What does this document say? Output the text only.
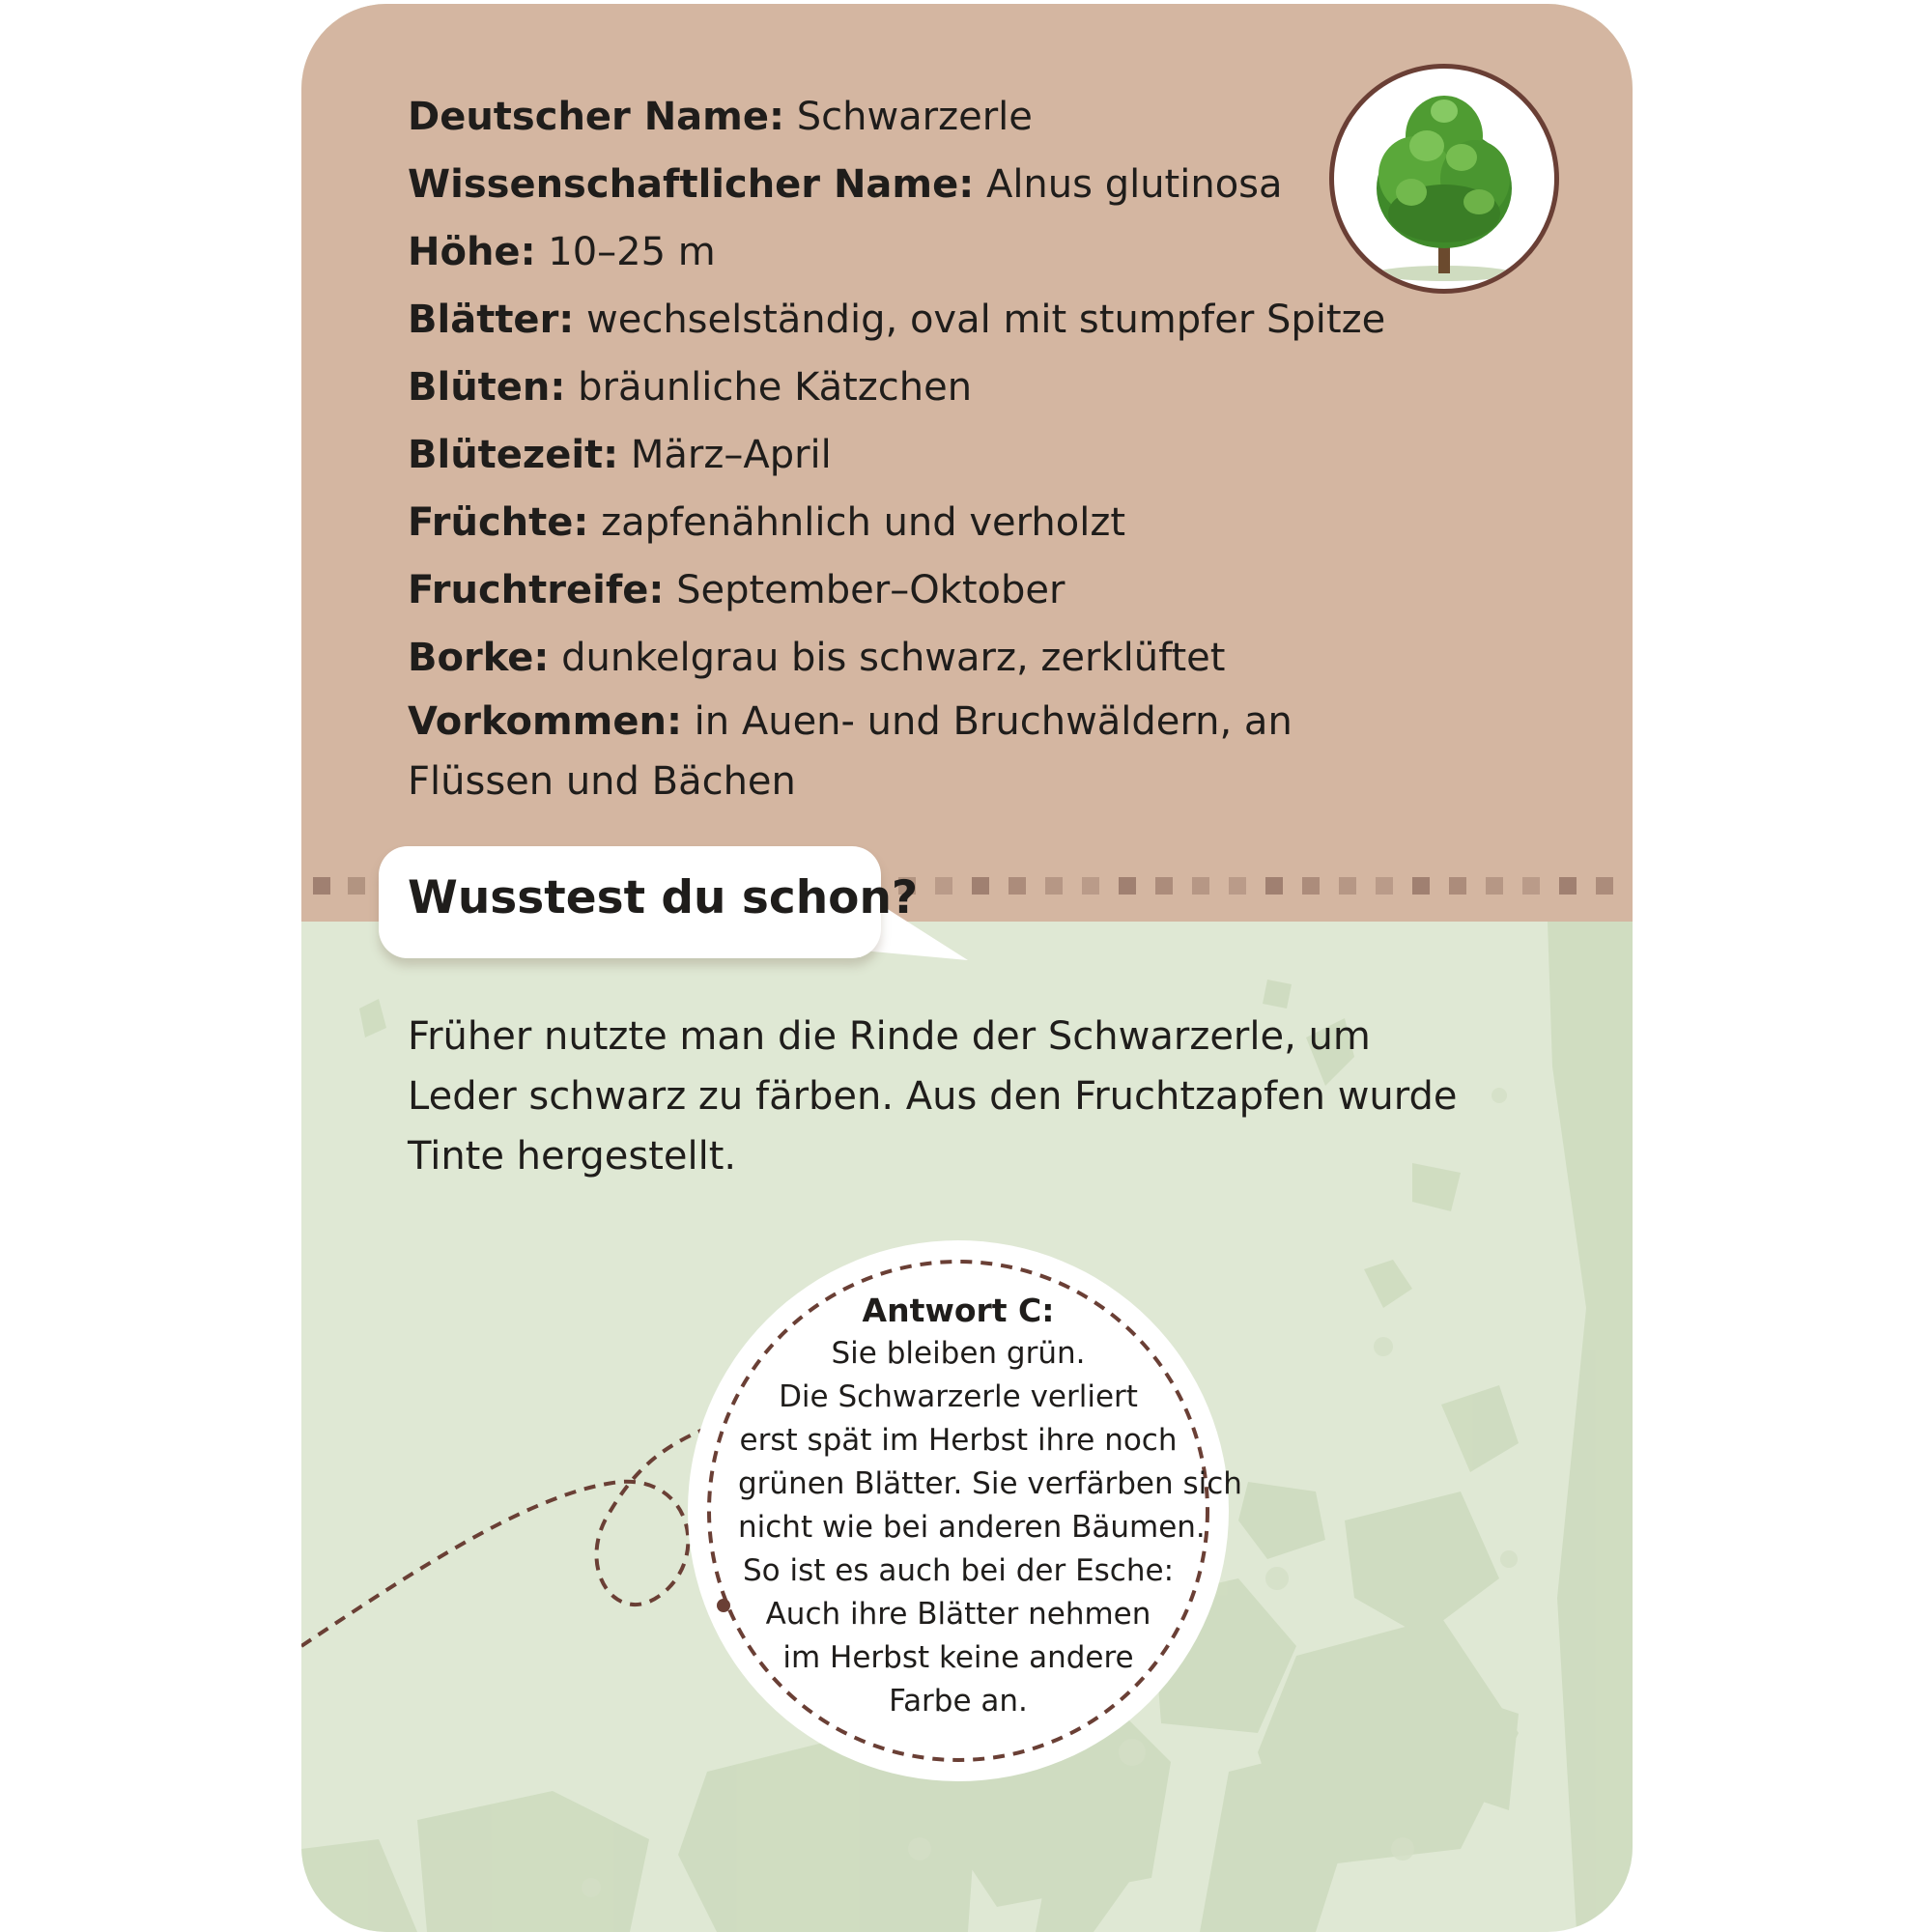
Deutscher Name: Schwarzerle
Wissenschaftlicher Name: Alnus glutinosa
Höhe: 10–25 m
Blätter: wechselständig, oval mit stumpfer Spitze
Blüten: bräunliche Kätzchen
Blütezeit: März–April
Früchte: zapfenähnlich und verholzt
Fruchtreife: September–Oktober
Borke: dunkelgrau bis schwarz, zerklüftet
Vorkommen: in Auen- und Bruchwäldern, an Flüssen und Bächen
Wusstest du schon?
Früher nutzte man die Rinde der Schwarzerle, um Leder schwarz zu färben. Aus den Fruchtzapfen wurde Tinte hergestellt.
Antwort C:
Sie bleiben grün.
Die Schwarzerle verliert
erst spät im Herbst ihre noch
grünen Blätter. Sie verfärben sich
nicht wie bei anderen Bäumen.
So ist es auch bei der Esche:
Auch ihre Blätter nehmen
im Herbst keine andere
Farbe an.
